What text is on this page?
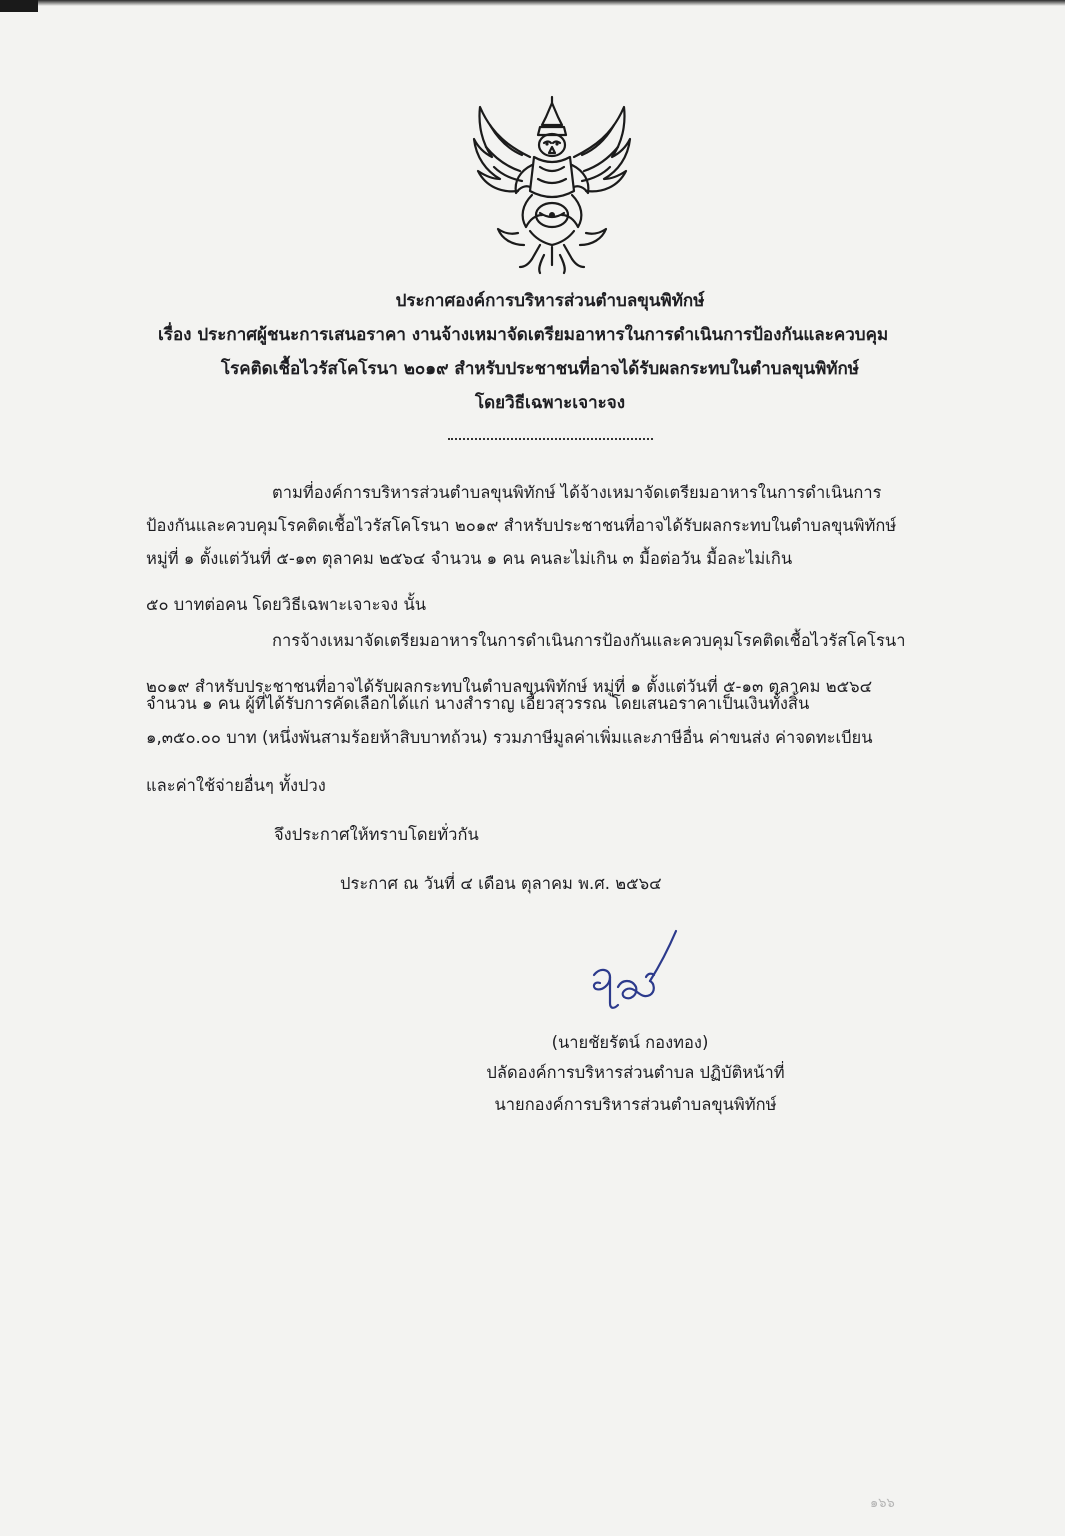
ประกาศองค์การบริหารส่วนตำบลขุนพิทักษ์
เรื่อง ประกาศผู้ชนะการเสนอราคา งานจ้างเหมาจัดเตรียมอาหารในการดำเนินการป้องกันและควบคุม
โรคติดเชื้อไวรัสโคโรนา ๒๐๑๙ สำหรับประชาชนที่อาจได้รับผลกระทบในตำบลขุนพิทักษ์
โดยวิธีเฉพาะเจาะจง
ตามที่องค์การบริหารส่วนตำบลขุนพิทักษ์ ได้จ้างเหมาจัดเตรียมอาหารในการดำเนินการ
ป้องกันและควบคุมโรคติดเชื้อไวรัสโคโรนา ๒๐๑๙ สำหรับประชาชนที่อาจได้รับผลกระทบในตำบลขุนพิทักษ์
หมู่ที่ ๑ ตั้งแต่วันที่ ๕-๑๓ ตุลาคม ๒๕๖๔ จำนวน ๑ คน คนละไม่เกิน ๓ มื้อต่อวัน มื้อละไม่เกิน
๕๐ บาทต่อคน โดยวิธีเฉพาะเจาะจง นั้น
การจ้างเหมาจัดเตรียมอาหารในการดำเนินการป้องกันและควบคุมโรคติดเชื้อไวรัสโคโรนา
๒๐๑๙ สำหรับประชาชนที่อาจได้รับผลกระทบในตำบลขุนพิทักษ์ หมู่ที่ ๑ ตั้งแต่วันที่ ๕-๑๓ ตุลาคม ๒๕๖๔
จำนวน ๑ คน ผู้ที่ได้รับการคัดเลือกได้แก่ นางสำราญ เอี้ยวสุวรรณ โดยเสนอราคาเป็นเงินทั้งสิ้น
๑,๓๕๐.๐๐ บาท (หนึ่งพันสามร้อยห้าสิบบาทถ้วน) รวมภาษีมูลค่าเพิ่มและภาษีอื่น ค่าขนส่ง ค่าจดทะเบียน
และค่าใช้จ่ายอื่นๆ ทั้งปวง
จึงประกาศให้ทราบโดยทั่วกัน
ประกาศ ณ วันที่ ๔ เดือน ตุลาคม พ.ศ. ๒๕๖๔
(นายชัยรัตน์ กองทอง)
ปลัดองค์การบริหารส่วนตำบล ปฏิบัติหน้าที่
นายกองค์การบริหารส่วนตำบลขุนพิทักษ์
๑๖๖
